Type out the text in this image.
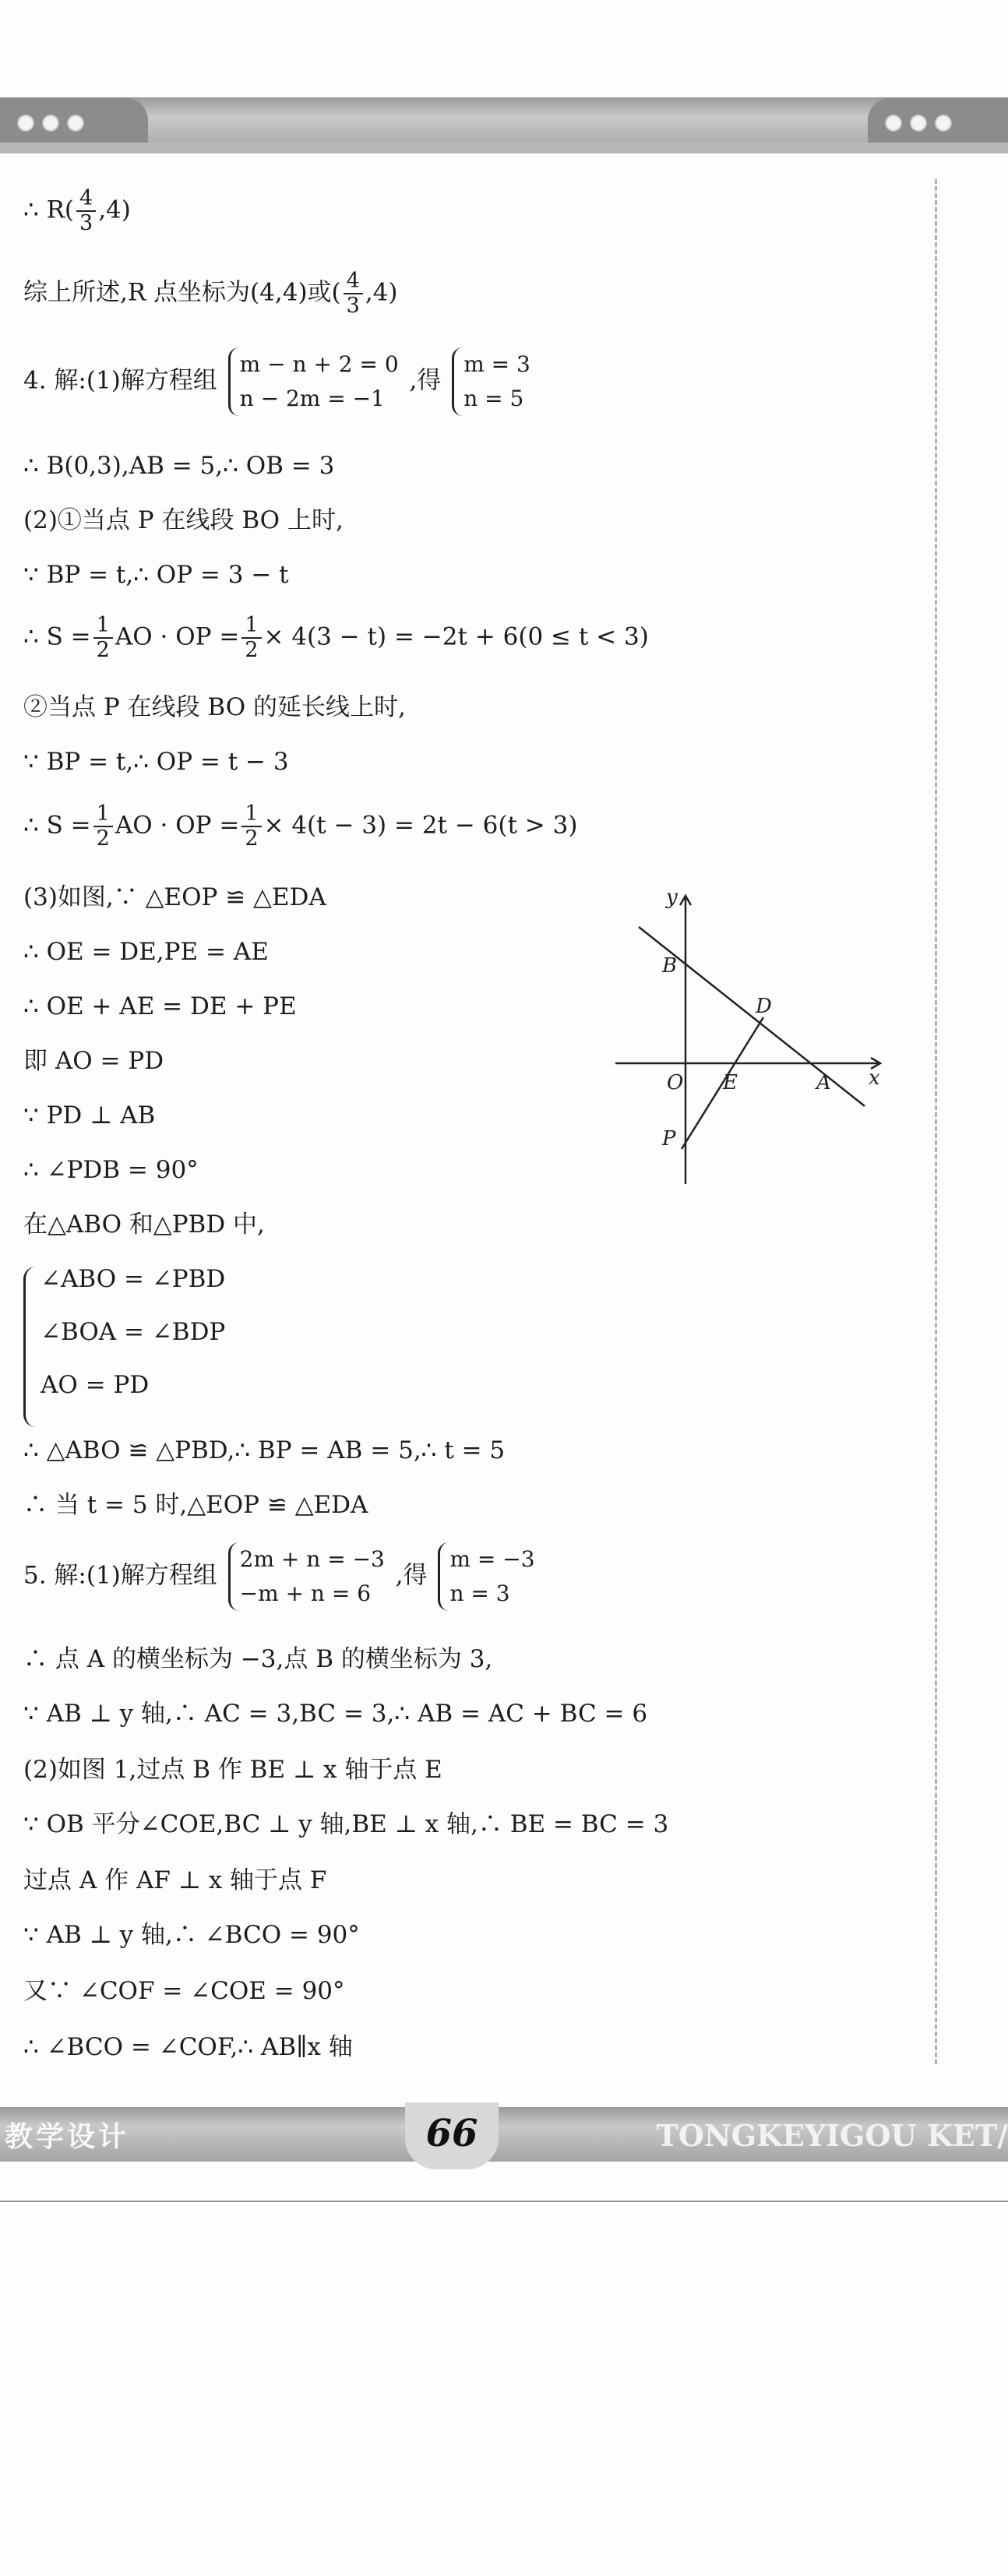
∴ $R( \frac{4}{3} ,4)$
综上所述,R 点坐标为(4,4)或( $\frac{4}{3} ,4$)
4. 解:(1)解方程组
m − n + 2 = 0
n − 2m = −1
,得
m = 3
n = 5
∴ B(0,3),AB = 5,∴ OB = 3
(2)①当点 P 在线段 BO 上时,
∵ BP = t,∴ OP = 3 − t
∴ $S = \frac{1}{2}$ AO · OP = $\frac{1}{2} \times 4(3 - t) = -2t + 6(0 \le t < 3)$
②当点 P 在线段 BO 的延长线上时,
∵ BP = t,∴ OP = t − 3
∴ $S = \frac{1}{2}$ AO · OP = $\frac{1}{2} \times 4(t - 3) = 2t - 6(t > 3)$
(3)如图,∵ △EOP ≌ △EDA
∴ OE = DE,PE = AE
∴ OE + AE = DE + PE
即 AO = PD
∵ PD ⊥ AB
∴ ∠PDB = 90°
在△ABO 和△PBD 中,
∠ABO = ∠PBD
∠BOA = ∠BDP
AO = PD
∴ △ABO ≌ △PBD,∴ BP = AB = 5,∴ t = 5
∴ 当 t = 5 时,△EOP ≌ △EDA
5. 解:(1)解方程组
2m + n = −3
−m + n = 6
,得
m = −3
n = 3
∴ 点 A 的横坐标为 −3,点 B 的横坐标为 3,
∵ AB ⊥ y 轴,∴ AC = 3,BC = 3,∴ AB = AC + BC = 6
(2)如图 1,过点 B 作 BE ⊥ x 轴于点 E
∵ OB 平分∠COE,BC ⊥ y 轴,BE ⊥ x 轴,∴ BE = BC = 3
过点 A 作 AF ⊥ x 轴于点 F
∵ AB ⊥ y 轴,∴ ∠BCO = 90°
又∵ ∠COF = ∠COE = 90°
∴ ∠BCO = ∠COF,∴ AB∥x 轴
y
B
D
O E	A x
P
教学设计	66	TONGKEYIGOU KET/
